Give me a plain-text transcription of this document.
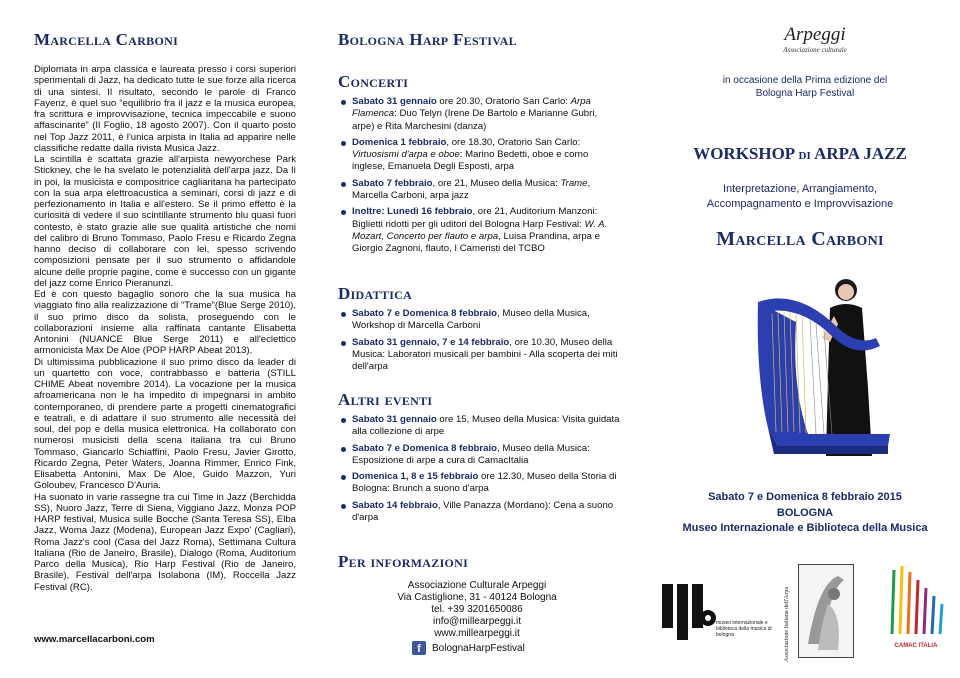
Marcella Carboni

Diplomata in arpa classica e laureata presso i corsi superiori sperimentali di Jazz, ha dedicato tutte le sue forze alla ricerca di una sintesi. Il risultato, secondo le parole di Franco Fayenz, è quel suo “equilibrio fra il jazz e la musica europea, fra scrittura e improvvisazione, tecnica impeccabile e suono affascinante” (Il Foglio, 18 agosto 2007). Con il quarto posto nel Top Jazz 2011, è l'unica arpista in Italia ad apparire nelle classifiche redatte dalla rivista Musica Jazz.

La scintilla è scattata grazie all'arpista newyorchese Park Stickney, che le ha svelato le potenzialità dell'arpa jazz. Da lì in poi, la musicista e compositrice cagliaritana ha partecipato con la sua arpa elettroacustica a seminari, corsi di jazz e di perfezionamento in Italia e all'estero. Se il primo effetto è la curiosità di vedere il suo scintillante strumento blu quasi fuori contesto, è stato grazie alle sue qualità artistiche che nomi del calibro di Bruno Tommaso, Paolo Fresu e Ricardo Zegna hanno deciso di collaborare con lei, spesso scrivendo composizioni pensate per il suo strumento o affidandole alcune delle proprie pagine, come è successo con un gigante del jazz come Enrico Pieranunzi.

Ed è con questo bagaglio sonoro che la sua musica ha viaggiato fino alla realizzazione di “Trame”(Blue Serge 2010), il suo primo disco da solista, proseguendo con le collaborazioni insieme alla raffinata cantante Elisabetta Antonini (NUANCE Blue Serge 2011) e all'eclettico armonicista Max De Aloe (POP HARP Abeat 2013).

Di ultimissima pubblicazione il suo primo disco da leader di un quartetto con voce, contrabbasso e batteria (STILL CHIME Abeat novembre 2014). La vocazione per la musica afroamericana non le ha impedito di impegnarsi in ambito contemporaneo, di prendere parte a progetti cinematografici e teatrali, e di adattare il suo strumento alle necessità del soul, del pop e della musica elettronica. Ha collaborato con numerosi musicisti della scena italiana tra cui Bruno Tommaso, Giancarlo Schiaffini, Paolo Fresu, Javier Girotto, Ricardo Zegna, Peter Waters, Joanna Rimmer, Enrico Fink, Elisabetta Antonini, Max De Aloe, Guido Mazzon, Yuri Goloubev, Francesco D'Auria.

Ha suonato in varie rassegne tra cui Time in Jazz (Berchidda SS), Nuoro Jazz, Terre di Siena, Viggiano Jazz, Monza POP HARP festival, Musica sulle Bocche (Santa Teresa SS), Elba Jazz, Woma Jazz (Modena), European Jazz Expo' (Cagliari), Roma Jazz's cool (Casa del Jazz Roma), Settimana Cultura Italiana (Rio de Janeiro, Brasile), Dialogo (Roma, Auditorium Parco della Musica), Rio Harp Festival (Rio de Janeiro, Brasile), Festival dell'arpa Isolabona (IM), Roccella Jazz Festival (RC).

www.marcellacarboni.com
Bologna Harp Festival
Concerti
Sabato 31 gennaio ore 20.30, Oratorio San Carlo: Arpa Flamenca: Duo Telyn (Irene De Bartolo e Marianne Gubri, arpe) e Rita Marchesini (danza)
Domenica 1 febbraio, ore 18.30, Oratorio San Carlo: Virtuosismi d'arpa e oboe: Marino Bedetti, oboe e corno inglese, Emanuela Degli Esposti, arpa
Sabato 7 febbraio, ore 21, Museo della Musica: Trame, Marcella Carboni, arpa jazz
Inoltre: Lunedì 16 febbraio, ore 21, Auditorium Manzoni: Biglietti ridotti per gli uditori del Bologna Harp Festival: W. A. Mozart, Concerto per flauto e arpa, Luisa Prandina, arpa e Giorgio Zagnoni, flauto, I Cameristi del TCBO
Didattica
Sabato 7 e Domenica 8 febbraio, Museo della Musica, Workshop di Marcella Carboni
Sabato 31 gennaio, 7 e 14 febbraio, ore 10.30, Museo della Musica: Laboratori musicali per bambini - Alla scoperta dei miti dell'arpa
Altri eventi
Sabato 31 gennaio ore 15, Museo della Musica: Visita guidata alla collezione di arpe
Sabato 7 e Domenica 8 febbraio, Museo della Musica: Esposizione di arpe a cura di CamacItalia
Domenica 1, 8 e 15 febbraio ore 12.30, Museo della Storia di Bologna: Brunch a suono d'arpa
Sabato 14 febbraio, Ville Panazza (Mordano): Cena a suono d'arpa
Per informazioni
Associazione Culturale Arpeggi
Via Castiglione, 31 - 40124 Bologna
tel. +39 3201650086
info@millearpeggi.it
www.millearpeggi.it
f	BolognaHarpFestival
Arpeggi
Associazione culturale
in occasione della Prima edizione del
Bologna Harp Festival
WORKSHOP di ARPA JAZZ
Interpretazione, Arrangiamento,
Accompagnamento e Improvvisazione
Marcella Carboni
Sabato 7 e Domenica 8 febbraio 2015
BOLOGNA
Museo Internazionale e Biblioteca della Musica
museo internazionale e biblioteca della musica di bologna	Associazione Italiana dell'Arpa	CAMAC ITALIA
